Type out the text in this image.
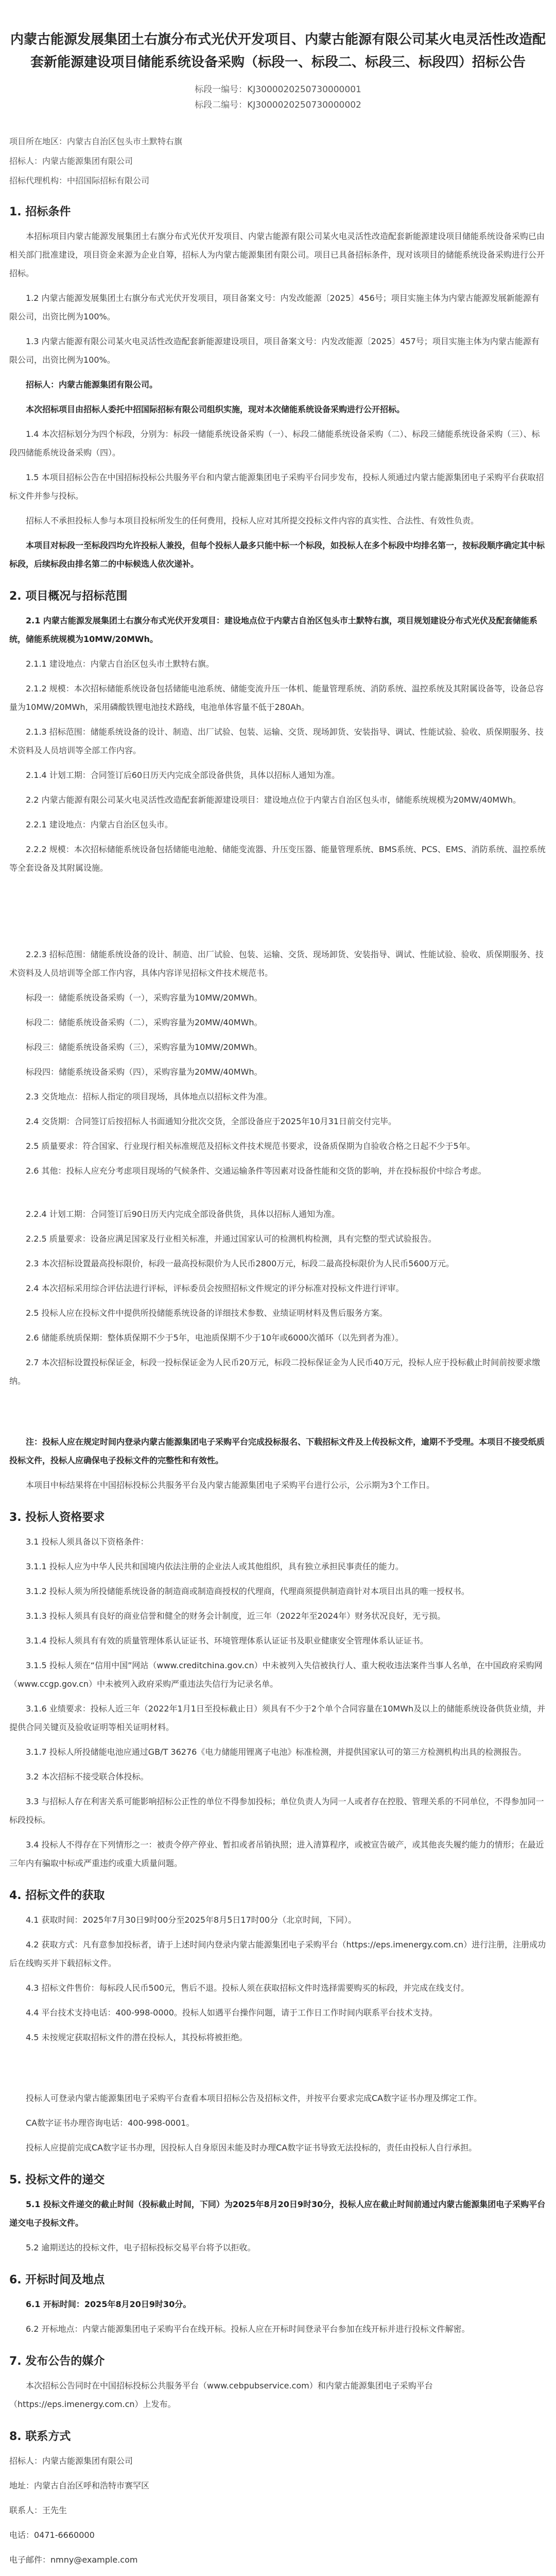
内蒙古能源发展集团土右旗分布式光伏开发项目、内蒙古能源有限公司某火电灵活性改造配套新能源建设项目储能系统设备采购（标段一、标段二、标段三、标段四）招标公告
标段一编号：KJ3000020250730000001
标段二编号：KJ3000020250730000002
项目所在地区：内蒙古自治区包头市土默特右旗
招标人：内蒙古能源集团有限公司
招标代理机构：中招国际招标有限公司
1. 招标条件

本招标项目内蒙古能源发展集团土右旗分布式光伏开发项目、内蒙古能源有限公司某火电灵活性改造配套新能源建设项目储能系统设备采购已由相关部门批准建设，项目资金来源为企业自筹，招标人为内蒙古能源集团有限公司。项目已具备招标条件，现对该项目的储能系统设备采购进行公开招标。

1.2 内蒙古能源发展集团土右旗分布式光伏开发项目，项目备案文号：内发改能源〔2025〕456号；项目实施主体为内蒙古能源发展新能源有限公司，出资比例为100%。

1.3 内蒙古能源有限公司某火电灵活性改造配套新能源建设项目，项目备案文号：内发改能源〔2025〕457号；项目实施主体为内蒙古能源有限公司，出资比例为100%。

招标人：内蒙古能源集团有限公司。

本次招标项目由招标人委托中招国际招标有限公司组织实施，现对本次储能系统设备采购进行公开招标。

1.4 本次招标划分为四个标段，分别为：标段一储能系统设备采购（一）、标段二储能系统设备采购（二）、标段三储能系统设备采购（三）、标段四储能系统设备采购（四）。

1.5 本项目招标公告在中国招标投标公共服务平台和内蒙古能源集团电子采购平台同步发布，投标人须通过内蒙古能源集团电子采购平台获取招标文件并参与投标。

招标人不承担投标人参与本项目投标所发生的任何费用，投标人应对其所提交投标文件内容的真实性、合法性、有效性负责。

本项目对标段一至标段四均允许投标人兼投，但每个投标人最多只能中标一个标段，如投标人在多个标段中均排名第一，按标段顺序确定其中标标段，后续标段由排名第二的中标候选人依次递补。

2. 项目概况与招标范围

2.1 内蒙古能源发展集团土右旗分布式光伏开发项目：建设地点位于内蒙古自治区包头市土默特右旗，项目规划建设分布式光伏及配套储能系统，储能系统规模为10MW/20MWh。

2.1.1 建设地点：内蒙古自治区包头市土默特右旗。

2.1.2 规模：本次招标储能系统设备包括储能电池系统、储能变流升压一体机、能量管理系统、消防系统、温控系统及其附属设备等，设备总容量为10MW/20MWh，采用磷酸铁锂电池技术路线，电池单体容量不低于280Ah。

2.1.3 招标范围：储能系统设备的设计、制造、出厂试验、包装、运输、交货、现场卸货、安装指导、调试、性能试验、验收、质保期服务、技术资料及人员培训等全部工作内容。

2.1.4 计划工期：合同签订后60日历天内完成全部设备供货，具体以招标人通知为准。

2.2 内蒙古能源有限公司某火电灵活性改造配套新能源建设项目：建设地点位于内蒙古自治区包头市，储能系统规模为20MW/40MWh。

2.2.1 建设地点：内蒙古自治区包头市。

2.2.2 规模：本次招标储能系统设备包括储能电池舱、储能变流器、升压变压器、能量管理系统、BMS系统、PCS、EMS、消防系统、温控系统等全套设备及其附属设施。

2.2.3 招标范围：储能系统设备的设计、制造、出厂试验、包装、运输、交货、现场卸货、安装指导、调试、性能试验、验收、质保期服务、技术资料及人员培训等全部工作内容，具体内容详见招标文件技术规范书。

标段一：储能系统设备采购（一），采购容量为10MW/20MWh。

标段二：储能系统设备采购（二），采购容量为20MW/40MWh。

标段三：储能系统设备采购（三），采购容量为10MW/20MWh。

标段四：储能系统设备采购（四），采购容量为20MW/40MWh。

2.3 交货地点：招标人指定的项目现场，具体地点以招标文件为准。

2.4 交货期：合同签订后按招标人书面通知分批次交货，全部设备应于2025年10月31日前交付完毕。

2.5 质量要求：符合国家、行业现行相关标准规范及招标文件技术规范书要求，设备质保期为自验收合格之日起不少于5年。

2.6 其他：投标人应充分考虑项目现场的气候条件、交通运输条件等因素对设备性能和交货的影响，并在投标报价中综合考虑。

2.2.4 计划工期：合同签订后90日历天内完成全部设备供货，具体以招标人通知为准。

2.2.5 质量要求：设备应满足国家及行业相关标准，并通过国家认可的检测机构检测，具有完整的型式试验报告。

2.3 本次招标设置最高投标限价，标段一最高投标限价为人民币2800万元，标段二最高投标限价为人民币5600万元。

2.4 本次招标采用综合评估法进行评标，评标委员会按照招标文件规定的评分标准对投标文件进行评审。

2.5 投标人应在投标文件中提供所投储能系统设备的详细技术参数、业绩证明材料及售后服务方案。

2.6 储能系统质保期：整体质保期不少于5年，电池质保期不少于10年或6000次循环（以先到者为准）。

2.7 本次招标设置投标保证金，标段一投标保证金为人民币20万元，标段二投标保证金为人民币40万元，投标人应于投标截止时间前按要求缴纳。

注：投标人应在规定时间内登录内蒙古能源集团电子采购平台完成投标报名、下载招标文件及上传投标文件，逾期不予受理。本项目不接受纸质投标文件，投标人应确保电子投标文件的完整性和有效性。

本项目中标结果将在中国招标投标公共服务平台及内蒙古能源集团电子采购平台进行公示，公示期为3个工作日。

3. 投标人资格要求

3.1 投标人须具备以下资格条件：

3.1.1 投标人应为中华人民共和国境内依法注册的企业法人或其他组织，具有独立承担民事责任的能力。

3.1.2 投标人须为所投储能系统设备的制造商或制造商授权的代理商，代理商须提供制造商针对本项目出具的唯一授权书。

3.1.3 投标人须具有良好的商业信誉和健全的财务会计制度，近三年（2022年至2024年）财务状况良好，无亏损。

3.1.4 投标人须具有有效的质量管理体系认证证书、环境管理体系认证证书及职业健康安全管理体系认证证书。

3.1.5 投标人须在“信用中国”网站（www.creditchina.gov.cn）中未被列入失信被执行人、重大税收违法案件当事人名单，在中国政府采购网（www.ccgp.gov.cn）中未被列入政府采购严重违法失信行为记录名单。

3.1.6 业绩要求：投标人近三年（2022年1月1日至投标截止日）须具有不少于2个单个合同容量在10MWh及以上的储能系统设备供货业绩，并提供合同关键页及验收证明等相关证明材料。

3.1.7 投标人所投储能电池应通过GB/T 36276《电力储能用锂离子电池》标准检测，并提供国家认可的第三方检测机构出具的检测报告。

3.2 本次招标不接受联合体投标。

3.3 与招标人存在利害关系可能影响招标公正性的单位不得参加投标；单位负责人为同一人或者存在控股、管理关系的不同单位，不得参加同一标段投标。

3.4 投标人不得存在下列情形之一：被责令停产停业、暂扣或者吊销执照；进入清算程序，或被宣告破产，或其他丧失履约能力的情形；在最近三年内有骗取中标或严重违约或重大质量问题。

4. 招标文件的获取

4.1 获取时间：2025年7月30日9时00分至2025年8月5日17时00分（北京时间，下同）。

4.2 获取方式：凡有意参加投标者，请于上述时间内登录内蒙古能源集团电子采购平台（https://eps.imenergy.com.cn）进行注册，注册成功后在线购买并下载招标文件。

4.3 招标文件售价：每标段人民币500元，售后不退。投标人须在获取招标文件时选择需要购买的标段，并完成在线支付。

4.4 平台技术支持电话：400-998-0000。投标人如遇平台操作问题，请于工作日工作时间内联系平台技术支持。

4.5 未按规定获取招标文件的潜在投标人，其投标将被拒绝。

投标人可登录内蒙古能源集团电子采购平台查看本项目招标公告及招标文件，并按平台要求完成CA数字证书办理及绑定工作。

CA数字证书办理咨询电话：400-998-0001。

投标人应提前完成CA数字证书办理，因投标人自身原因未能及时办理CA数字证书导致无法投标的，责任由投标人自行承担。

5. 投标文件的递交

5.1 投标文件递交的截止时间（投标截止时间，下同）为2025年8月20日9时30分，投标人应在截止时间前通过内蒙古能源集团电子采购平台递交电子投标文件。

5.2 逾期送达的投标文件，电子招标投标交易平台将予以拒收。

6. 开标时间及地点

6.1 开标时间：2025年8月20日9时30分。

6.2 开标地点：内蒙古能源集团电子采购平台在线开标。投标人应在开标时间登录平台参加在线开标并进行投标文件解密。

7. 发布公告的媒介

本次招标公告同时在中国招标投标公共服务平台（www.cebpubservice.com）和内蒙古能源集团电子采购平台（https://eps.imenergy.com.cn）上发布。

8. 联系方式

招标人：内蒙古能源集团有限公司

地址：内蒙古自治区呼和浩特市赛罕区

联系人：王先生

电话：0471-6660000

电子邮件：nmny@example.com
